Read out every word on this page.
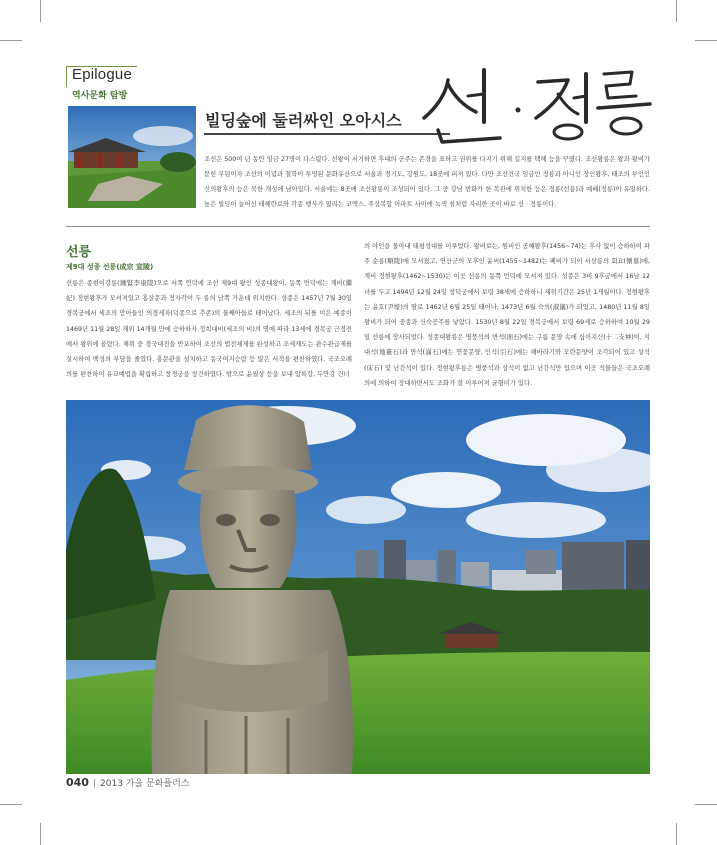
Epilogue
역사문화 탐방
빌딩숲에 둘러싸인 오아시스
조선은 500여 년 동안 임금 27명이 다스렸다. 선왕이 서거하면 후대의 군주는 존경을 표하고 권위를 다지기 위해 길지를 택해 능을 꾸몄다. 조선왕릉은 왕과 왕비가 묻힌 무덤이자 조선의 이념과 철학이 투영된 문화유산으로 서울과 경기도, 강원도, 18곳에 퍼져 있다. 다만 조선건국 임금인 정릉과 아니인 장인왕후, 태조의 부인인 신의왕후의 능은 북한 개성에 남아있다. 서울에는 8곳에 조선왕릉이 조성되어 있다. 그 중 강남 번화가 한 복판에 위치한 능은 정릉(선릉)과 예배(정릉)이 유일하다. 높은 빌딩이 늘어선 테헤란로와 각종 행사가 열리는 코엑스, 주상복합 아파트 사이에 녹색 섬처럼 자리한 곳이 바로 선 · 정릉이다.
선릉
제9대 성종 선릉(成宗 宣陵)
선릉은 종현이강릉(鍾賢李康陵)으로 서쪽 언덕에 조선 제9대 왕인 성종대왕이, 동쪽 언덕에는 계비(繼妃) 정현왕후가 모셔져있고 홍살문과 정자각이 두 릉의 남쪽 가운데 위치한다. 성종은 1457년 7월 30일 경복궁에서 세조의 맏아들인 의경세자(덕종으로 추존)의 둘째아들로 태어났다. 세조의 뒤를 이은 예종이 1469년 11월 28일 재위 14개월 만에 승하하자 정희대비(세조의 비)의 명에 따라 13세에 경복궁 근정전에서 왕위에 올랐다. 재위 중 경국대전을 반포하여 조선의 법전체제를 완성하고 조세제도는 관수관급제를 실시하여 백성의 부담을 줄였다. 홍문관을 설치하고 동국여지승람 등 많은 서적을 편찬하였다. 국조오례의를 편찬하여 유교예법을 확립하고 창경궁을 창건하였다. 밖으로 윤필상 등을 보내 압록강, 두만강 건너
의 야인을 몰아내 태평성대를 이루었다. 왕비로는, 원비인 공혜왕후(1456~74)는 후사 없이 승하하여 파주 순릉(順陵)에 모셔졌고, 연산군의 모후인 윤씨(1455~1482)는 폐비가 되어 서삼릉의 회묘(懷墓)에, 계비 정현왕후(1462~1530)는 이곳 선릉의 동쪽 언덕에 모셔져 있다. 성종은 3비 9후궁에서 16남 12녀를 두고 1494년 12월 24일 창덕궁에서 보령 38세에 승하하니 재위기간은 25년 1개월이다. 정현왕후는 윤호(尹壕)의 딸로 1462년 6월 25일 태어나, 1473년 6월 숙의(淑儀)가 되었고, 1480년 11월 8일 왕비가 되어 중종과 신숙공주를 낳았다. 1530년 8월 22일 경복궁에서 보령 69세로 승하하여 10월 29일 선릉에 장사되었다. 성종대왕릉은 병풍석의 면석(面石)에는 구름 문양 속에 십이지신(十二支神)이, 지대석(地臺石)과 만석(滿石)에는 연꽃문양, 인석(引石)에는 해바라기와 모란문양이 조각되어 있고 상석(床石) 및 난간석이 있다. 정현왕후릉은 병풍석과 상석이 없고 난간석만 있으며 이곳 석물들은 국조오례의에 의하여 장대하면서도 조화가 잘 이루어져 균형미가 있다.
040 | 2013 가을 문화플러스
